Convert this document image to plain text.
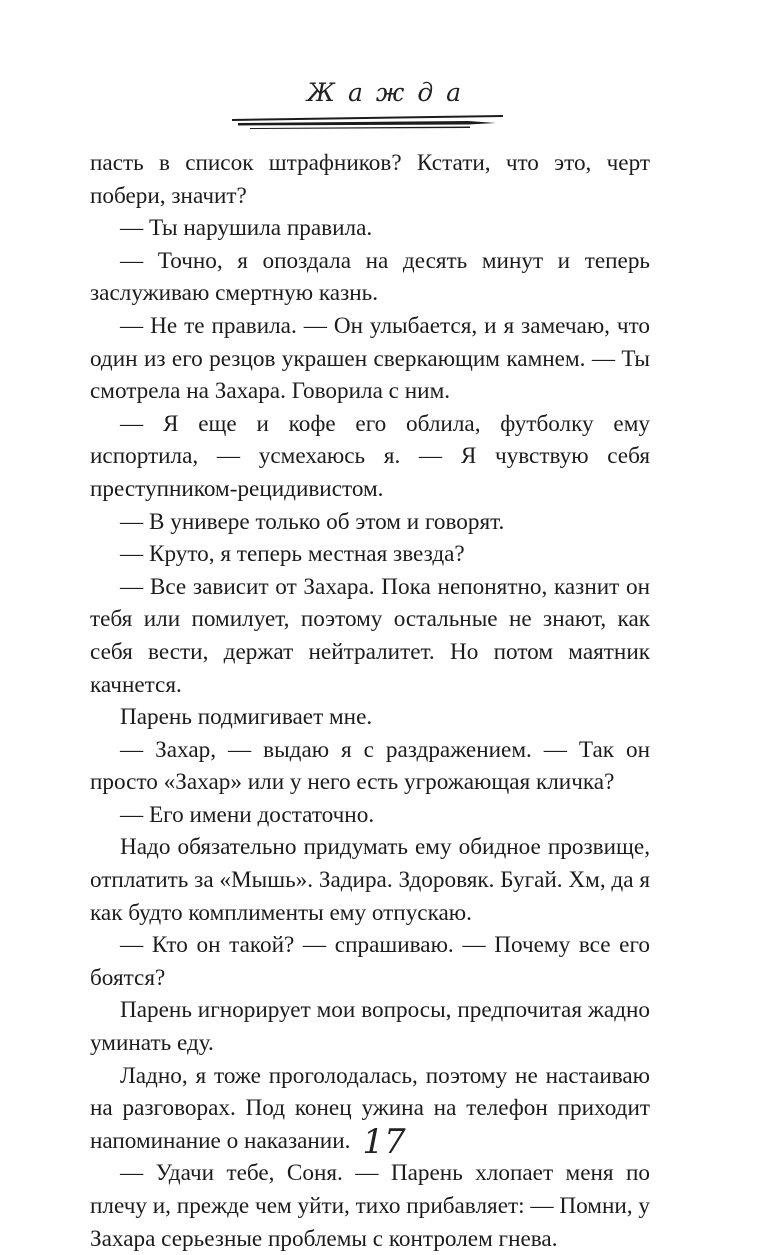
Жажда

пасть в список штрафников? Кстати, что это, черт побери, значит?

— Ты нарушила правила.

— Точно, я опоздала на десять минут и теперь заслуживаю смертную казнь.

— Не те правила. — Он улыбается, и я замечаю, что один из его резцов украшен сверкающим камнем. — Ты смотрела на Захара. Говорила с ним.

— Я еще и кофе его облила, футболку ему испортила, — усмехаюсь я. — Я чувствую себя преступником-рецидивистом.

— В универе только об этом и говорят.

— Круто, я теперь местная звезда?

— Все зависит от Захара. Пока непонятно, казнит он тебя или помилует, поэтому остальные не знают, как себя вести, держат нейтралитет. Но потом маятник качнется.

Парень подмигивает мне.

— Захар, — выдаю я с раздражением. — Так он просто «Захар» или у него есть угрожающая кличка?

— Его имени достаточно.

Надо обязательно придумать ему обидное прозвище, отплатить за «Мышь». Задира. Здоровяк. Бугай. Хм, да я как будто комплименты ему отпускаю.

— Кто он такой? — спрашиваю. — Почему все его боятся?

Парень игнорирует мои вопросы, предпочитая жадно уминать еду.

Ладно, я тоже проголодалась, поэтому не настаиваю на разговорах. Под конец ужина на телефон приходит напоминание о наказании.

— Удачи тебе, Соня. — Парень хлопает меня по плечу и, прежде чем уйти, тихо прибавляет: — Помни, у Захара серьезные проблемы с контролем гнева.

17
